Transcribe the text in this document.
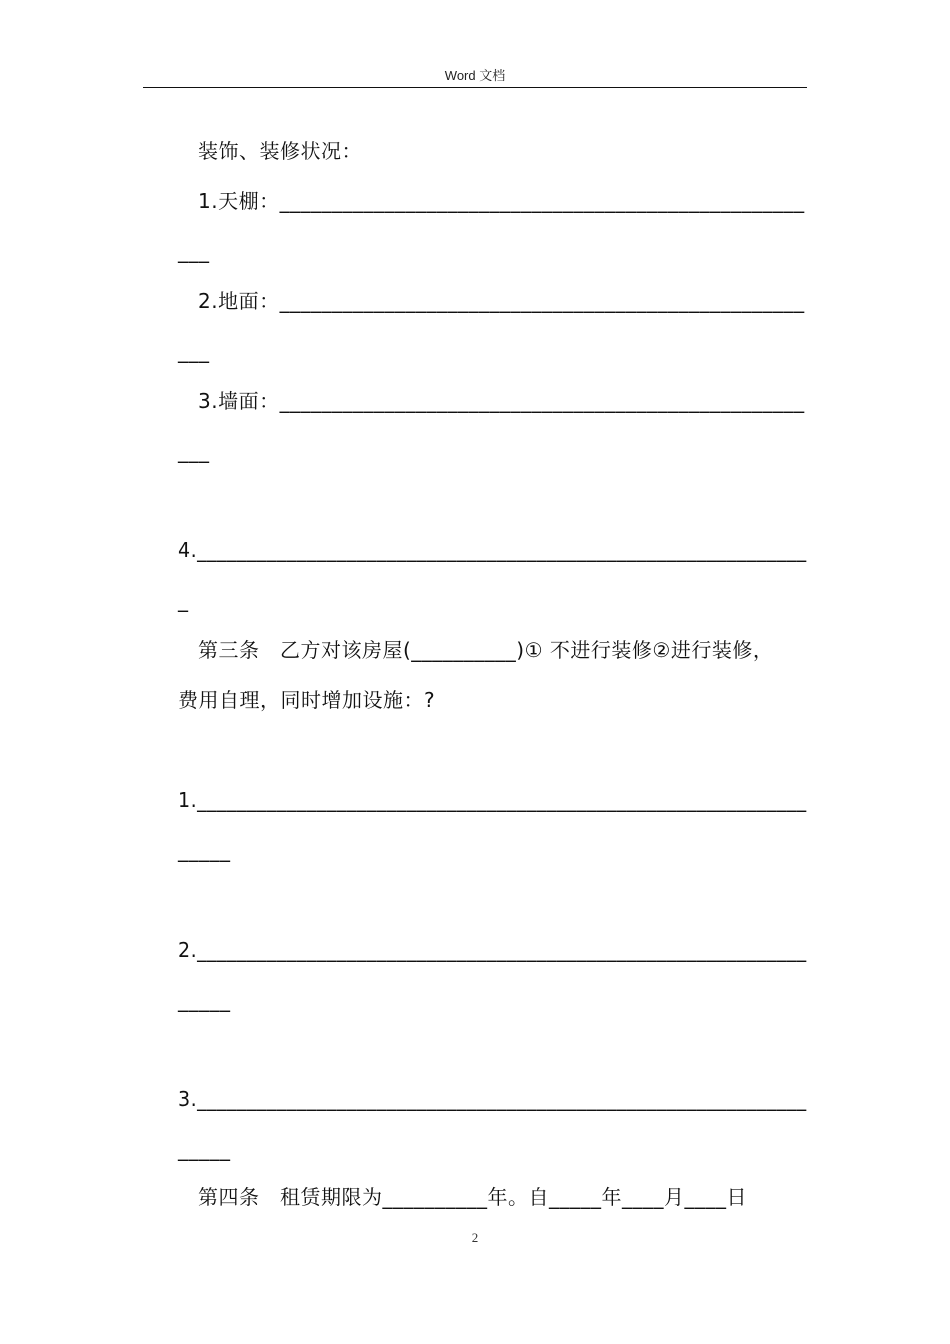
Word 文档
装饰、装修状况：
1.天棚：__________________________________________________
___
2.地面：__________________________________________________
___
3.墙面：__________________________________________________
___
4._____________________________________________________________
_
第三条　乙方对该房屋(__________)① 不进行装修②进行装修，
费用自理，同时增加设施：?
1._____________________________________________________________
_____
2._____________________________________________________________
_____
3._____________________________________________________________
_____
第四条　租赁期限为__________年。自_____年____月____日
2
